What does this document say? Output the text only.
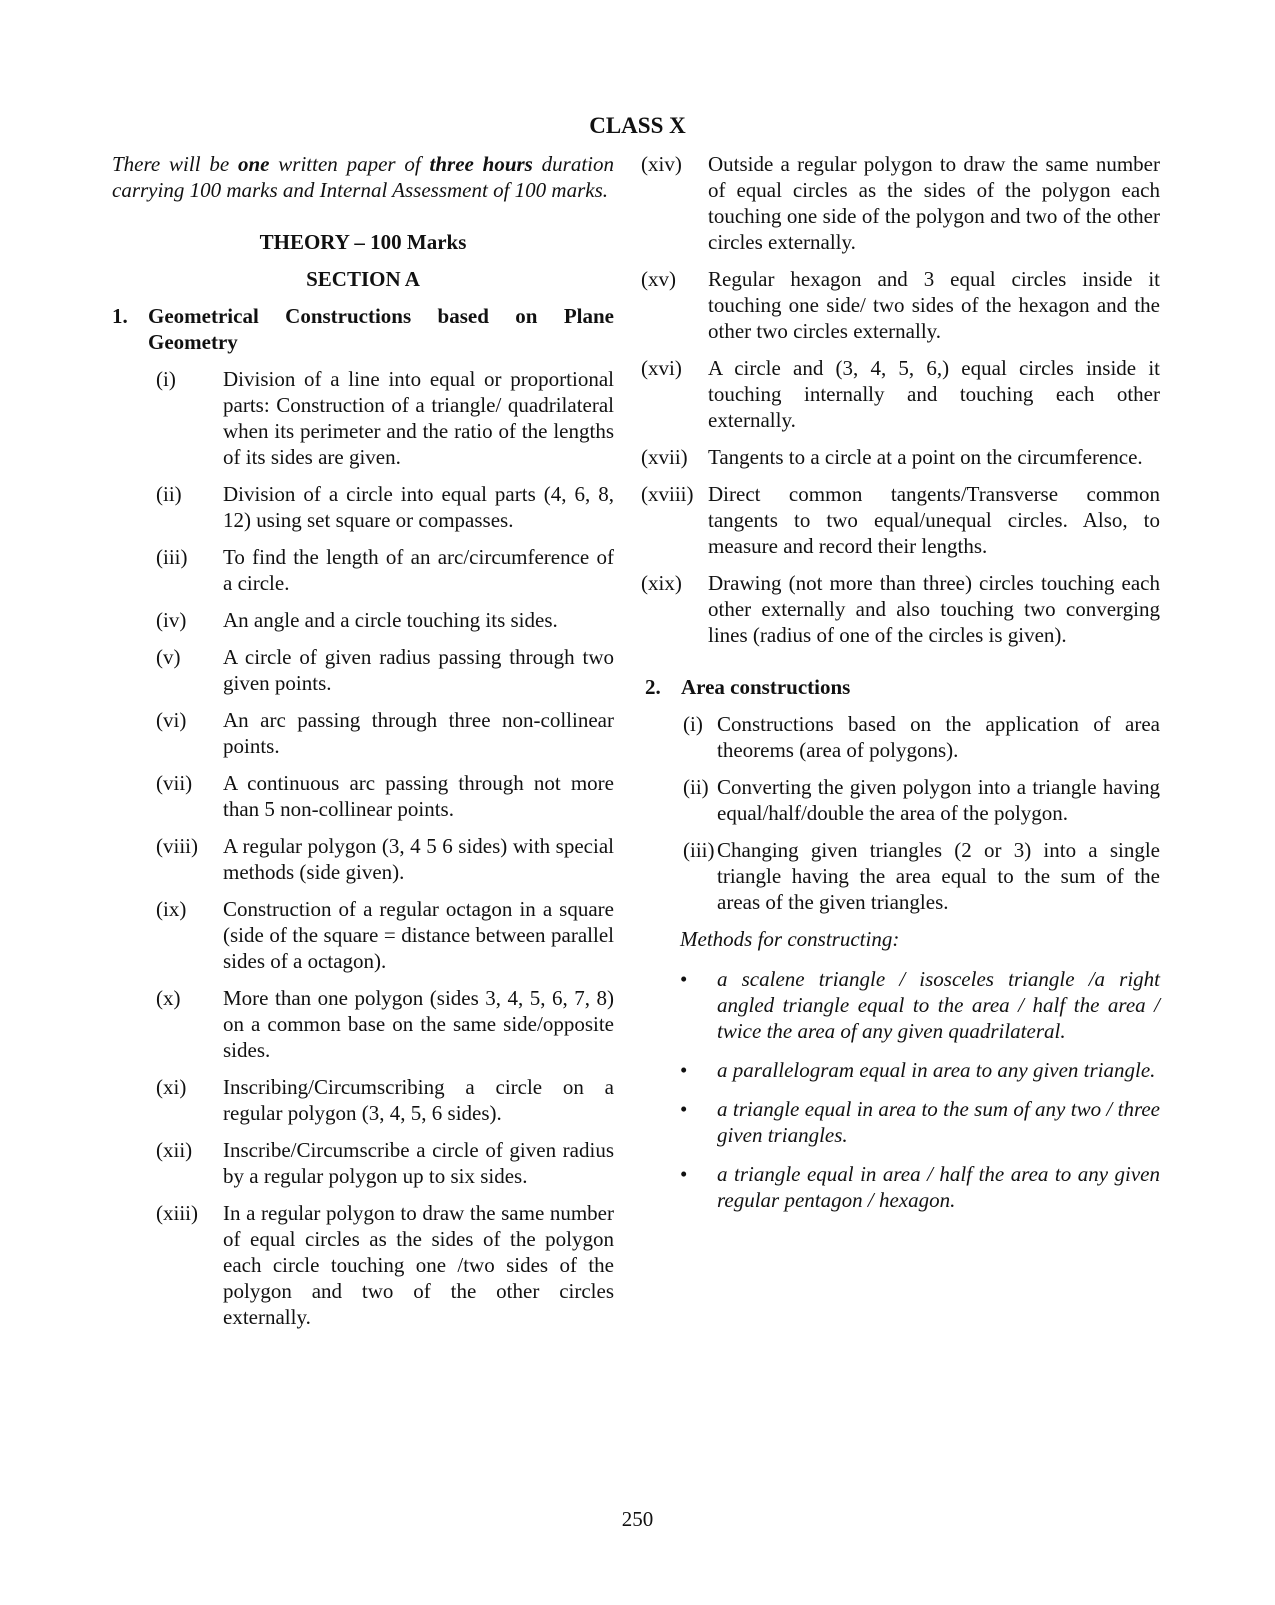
CLASS X

There will be one written paper of three hours duration carrying 100 marks and Internal Assessment of 100 marks.

THEORY – 100 Marks
SECTION A
1. Geometrical Constructions based on Plane Geometry
(i)	Division of a line into equal or proportional parts: Construction of a triangle/ quadrilateral when its perimeter and the ratio of the lengths of its sides are given.
(ii)	Division of a circle into equal parts (4, 6, 8, 12) using set square or compasses.
(iii)	To find the length of an arc/circumference of a circle.
(iv)	An angle and a circle touching its sides.
(v)	A circle of given radius passing through two given points.
(vi)	An arc passing through three non-collinear points.
(vii)	A continuous arc passing through not more than 5 non-collinear points.
(viii)	A regular polygon (3, 4 5 6 sides) with special methods (side given).
(ix)	Construction of a regular octagon in a square (side of the square = distance between parallel sides of a octagon).
(x)	More than one polygon (sides 3, 4, 5, 6, 7, 8) on a common base on the same side/opposite sides.
(xi)	Inscribing/Circumscribing a circle on a regular polygon (3, 4, 5, 6 sides).
(xii)	Inscribe/Circumscribe a circle of given radius by a regular polygon up to six sides.
(xiii)	In a regular polygon to draw the same number of equal circles as the sides of the polygon each circle touching one /two sides of the polygon and two of the other circles externally.
(xiv)	Outside a regular polygon to draw the same number of equal circles as the sides of the polygon each touching one side of the polygon and two of the other circles externally.
(xv)	Regular hexagon and 3 equal circles inside it touching one side/ two sides of the hexagon and the other two circles externally.
(xvi)	A circle and (3, 4, 5, 6,) equal circles inside it touching internally and touching each other externally.
(xvii) Tangents to a circle at a point on the circumference.
(xviii) Direct common tangents/Transverse common tangents to two equal/unequal circles. Also, to measure and record their lengths.
(xix)	Drawing (not more than three) circles touching each other externally and also touching two converging lines (radius of one of the circles is given).
2. Area constructions
(i) Constructions based on the application of area theorems (area of polygons).
(ii) Converting the given polygon into a triangle having equal/half/double the area of the polygon.
(iii) Changing given triangles (2 or 3) into a single triangle having the area equal to the sum of the areas of the given triangles.
Methods for constructing:
•	a scalene triangle / isosceles triangle /a right angled triangle equal to the area / half the area / twice the area of any given quadrilateral.
•	a parallelogram equal in area to any given triangle.
•	a triangle equal in area to the sum of any two / three given triangles.
•	a triangle equal in area / half the area to any given regular pentagon / hexagon.
250
